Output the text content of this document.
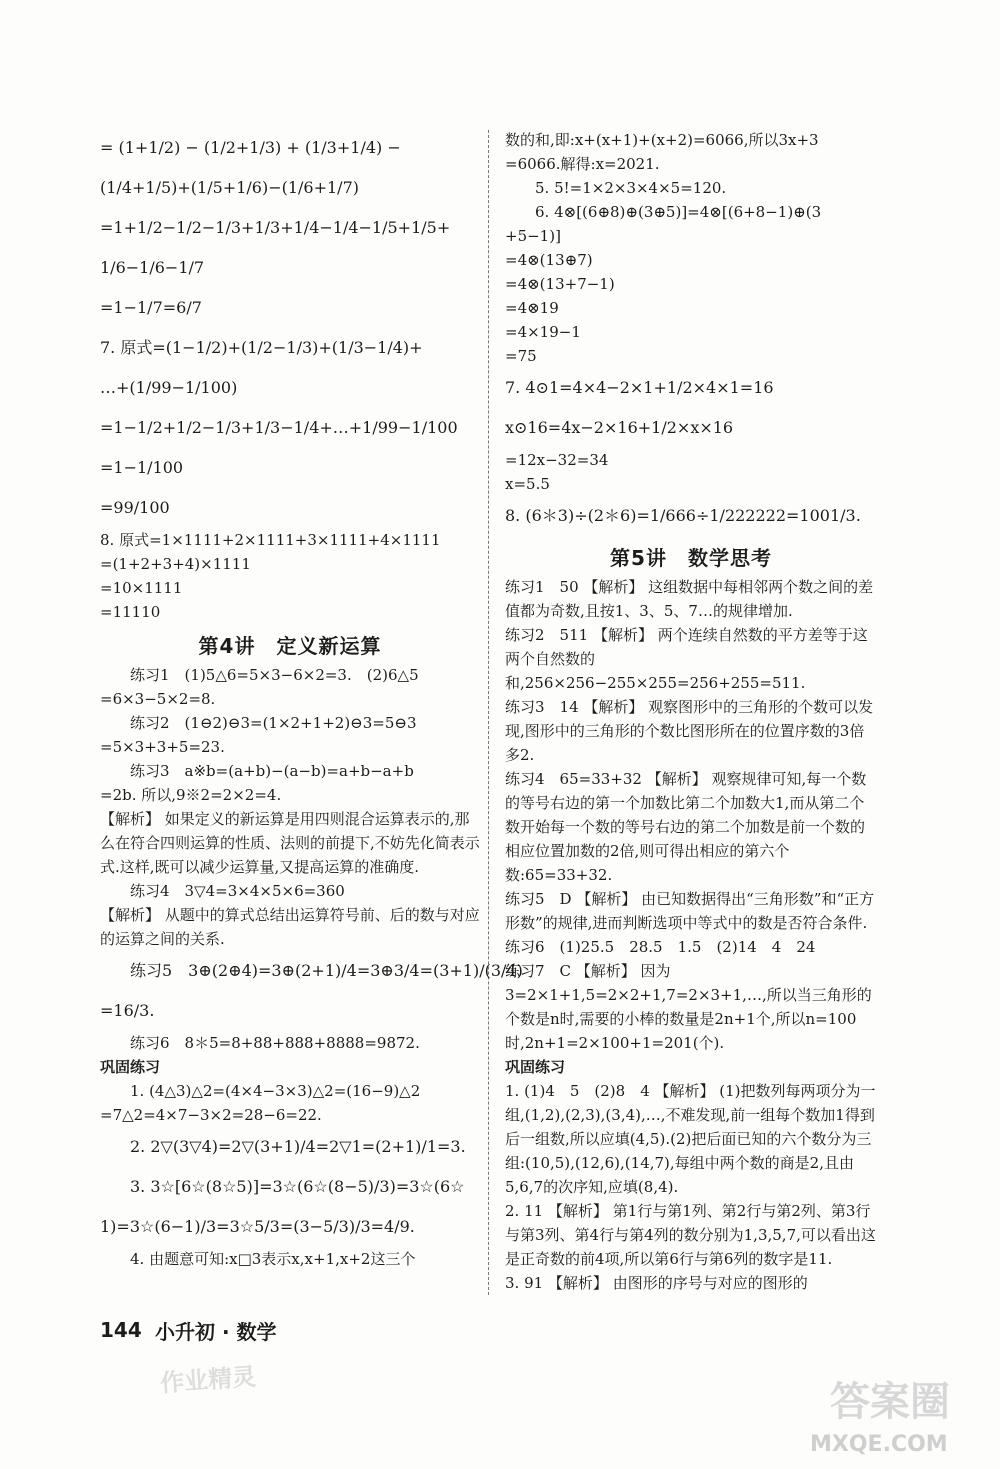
= (1+1/2) − (1/2+1/3) + (1/3+1/4) −

(1/4+1/5)+(1/5+1/6)−(1/6+1/7)

=1+1/2−1/2−1/3+1/3+1/4−1/4−1/5+1/5+

1/6−1/6−1/7

=1−1/7=6/7

7. 原式=(1−1/2)+(1/2−1/3)+(1/3−1/4)+

…+(1/99−1/100)

=1−1/2+1/2−1/3+1/3−1/4+…+1/99−1/100

=1−1/100

=99/100

8. 原式=1×1111+2×1111+3×1111+4×1111

=(1+2+3+4)×1111

=10×1111

=11110

第4讲　定义新运算

练习1　(1)5△6=5×3−6×2=3.　(2)6△5

=6×3−5×2=8.

练习2　(1⊖2)⊖3=(1×2+1+2)⊖3=5⊖3

=5×3+3+5=23.

练习3　a※b=(a+b)−(a−b)=a+b−a+b

=2b. 所以,9※2=2×2=4.

【解析】 如果定义的新运算是用四则混合运算表示的,那么在符合四则运算的性质、法则的前提下,不妨先化简表示式.这样,既可以减少运算量,又提高运算的准确度.

练习4　3▽4=3×4×5×6=360

【解析】 从题中的算式总结出运算符号前、后的数与对应的运算之间的关系.

练习5　3⊕(2⊕4)=3⊕(2+1)/4=3⊕3/4=(3+1)/(3/4)

=16/3.

练习6　8＊5=8+88+888+8888=9872.

巩固练习

1. (4△3)△2=(4×4−3×3)△2=(16−9)△2

=7△2=4×7−3×2=28−6=22.

2. 2▽(3▽4)=2▽(3+1)/4=2▽1=(2+1)/1=3.

3. 3☆[6☆(8☆5)]=3☆(6☆(8−5)/3)=3☆(6☆

1)=3☆(6−1)/3=3☆5/3=(3−5/3)/3=4/9.

4. 由题意可知:x□3表示x,x+1,x+2这三个

数的和,即:x+(x+1)+(x+2)=6066,所以3x+3

=6066.解得:x=2021.

5. 5!=1×2×3×4×5=120.

6. 4⊗[(6⊕8)⊕(3⊕5)]=4⊗[(6+8−1)⊕(3

+5−1)]

=4⊗(13⊕7)

=4⊗(13+7−1)

=4⊗19

=4×19−1

=75

7. 4⊙1=4×4−2×1+1/2×4×1=16

x⊙16=4x−2×16+1/2×x×16

=12x−32=34

x=5.5

8. (6＊3)÷(2＊6)=1/666÷1/222222=1001/3.

第5讲　数学思考

练习1　50 【解析】 这组数据中每相邻两个数之间的差值都为奇数,且按1、3、5、7…的规律增加.

练习2　511 【解析】 两个连续自然数的平方差等于这两个自然数的和,256×256−255×255=256+255=511.

练习3　14 【解析】 观察图形中的三角形的个数可以发现,图形中的三角形的个数比图形所在的位置序数的3倍多2.

练习4　65=33+32 【解析】 观察规律可知,每一个数的等号右边的第一个加数比第二个加数大1,而从第二个数开始每一个数的等号右边的第二个加数是前一个数的相应位置加数的2倍,则可得出相应的第六个数:65=33+32.

练习5　D 【解析】 由已知数据得出“三角形数”和“正方形数”的规律,进而判断选项中等式中的数是否符合条件.

练习6　(1)25.5　28.5　1.5　(2)14　4　24

练习7　C 【解析】 因为3=2×1+1,5=2×2+1,7=2×3+1,…,所以当三角形的个数是n时,需要的小棒的数量是2n+1个,所以n=100时,2n+1=2×100+1=201(个).

巩固练习

1. (1)4　5　(2)8　4 【解析】 (1)把数列每两项分为一组,(1,2),(2,3),(3,4),…,不难发现,前一组每个数加1得到后一组数,所以应填(4,5).(2)把后面已知的六个数分为三组:(10,5),(12,6),(14,7),每组中两个数的商是2,且由5,6,7的次序知,应填(8,4).

2. 11 【解析】 第1行与第1列、第2行与第2列、第3行与第3列、第4行与第4列的数分别为1,3,5,7,可以看出这是正奇数的前4项,所以第6行与第6列的数字是11.

3. 91 【解析】 由图形的序号与对应的图形的

144 小升初 · 数学
作业精灵	答案圈
MXQE.COM
